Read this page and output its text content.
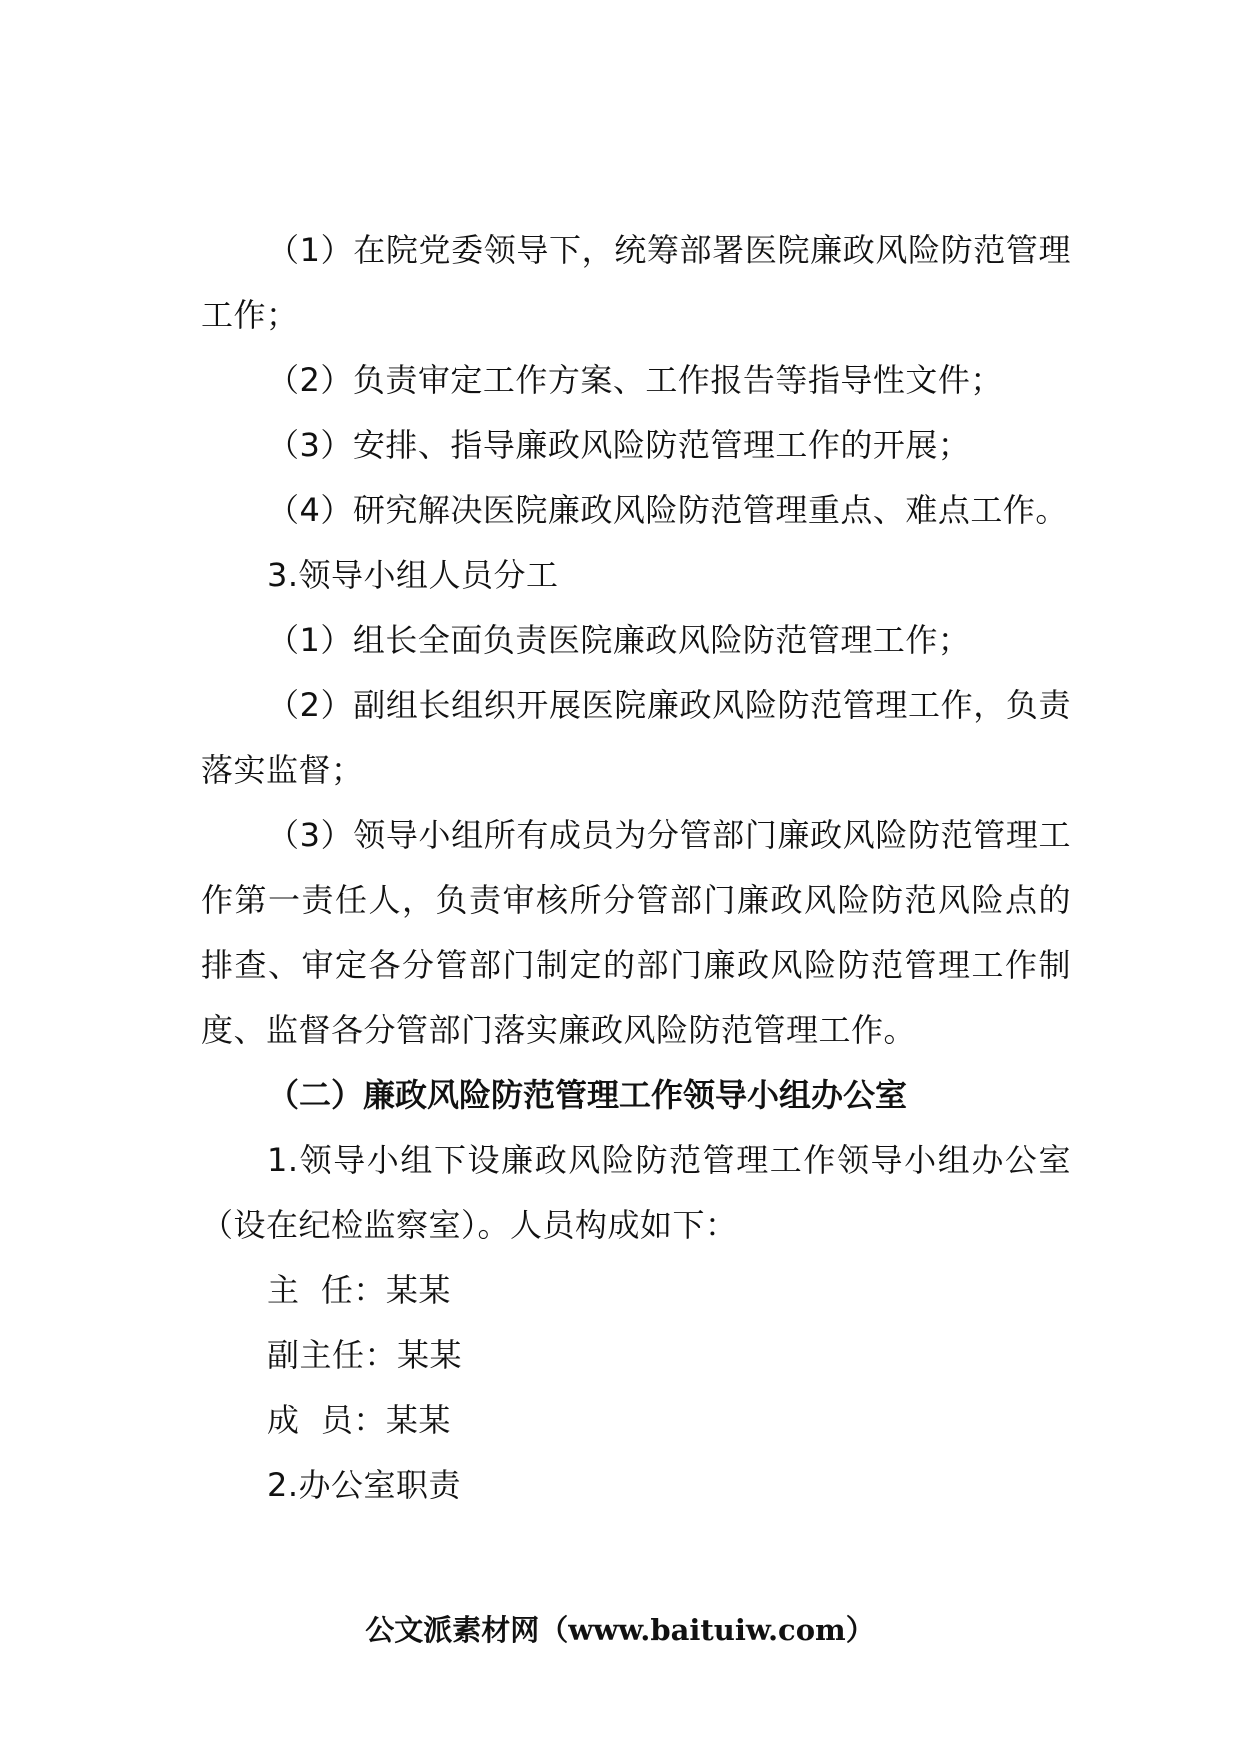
（1）在院党委领导下，统筹部署医院廉政风险防范管理工作；

（2）负责审定工作方案、工作报告等指导性文件；

（3）安排、指导廉政风险防范管理工作的开展；

（4）研究解决医院廉政风险防范管理重点、难点工作。

3.领导小组人员分工

（1）组长全面负责医院廉政风险防范管理工作；

（2）副组长组织开展医院廉政风险防范管理工作，负责落实监督；

（3）领导小组所有成员为分管部门廉政风险防范管理工作第一责任人，负责审核所分管部门廉政风险防范风险点的排查、审定各分管部门制定的部门廉政风险防范管理工作制度、监督各分管部门落实廉政风险防范管理工作。

（二）廉政风险防范管理工作领导小组办公室

1.领导小组下设廉政风险防范管理工作领导小组办公室（设在纪检监察室）。人员构成如下：

主  任：某某

副主任：某某

成  员：某某

2.办公室职责

公文派素材网（www.baituiw.com）
